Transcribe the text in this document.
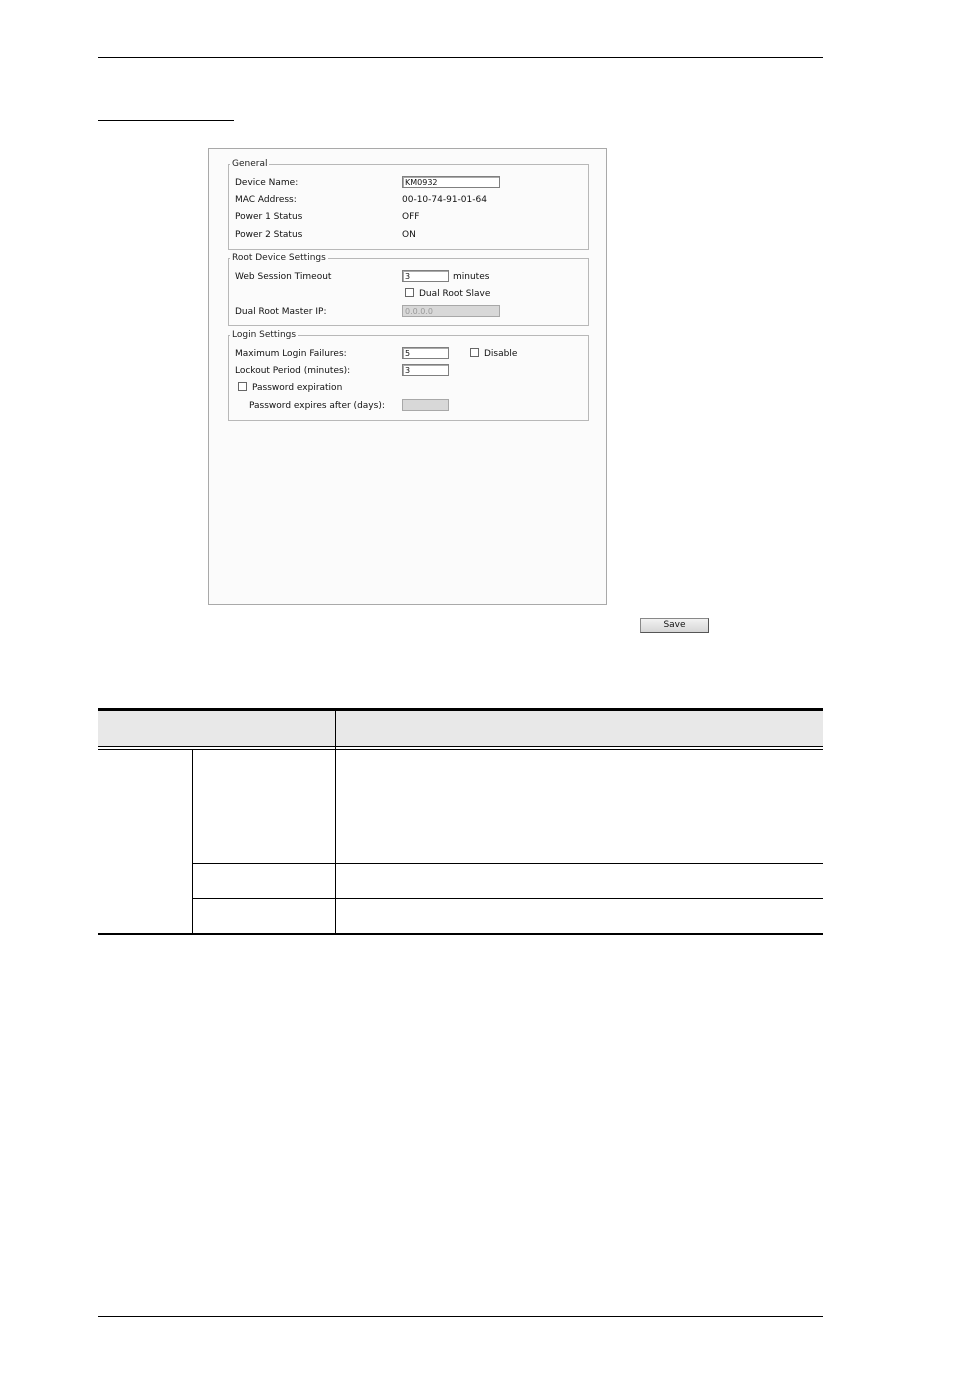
General
Device Name:	KM0932
MAC Address:	00-10-74-91-01-64
Power 1 Status	OFF
Power 2 Status	ON
Root Device Settings
Web Session Timeout	3	minutes
Dual Root Slave
Dual Root Master IP:	0.0.0.0
Login Settings
Maximum Login Failures:	5	Disable
Lockout Period (minutes):	3
Password expiration
Password expires after (days):
Save
